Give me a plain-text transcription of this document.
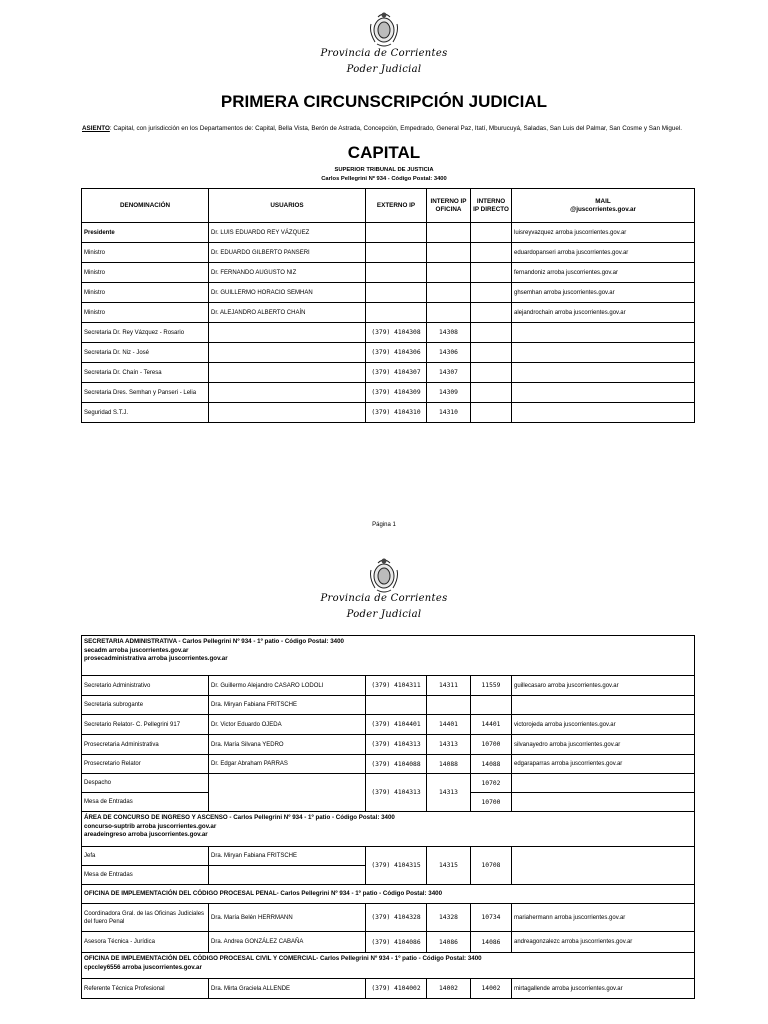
Provincia de Corrientes
Poder Judicial
PRIMERA CIRCUNSCRIPCIÓN JUDICIAL
ASIENTO: Capital, con jurisdicción en los Departamentos de: Capital, Bella Vista, Berón de Astrada, Concepción, Empedrado, General Paz, Itatí, Mburucuyá, Saladas, San Luis del Palmar, San Cosme y San Miguel.
CAPITAL
SUPERIOR TRIBUNAL DE JUSTICIA
Carlos Pellegrini Nº 934 - Código Postal: 3400
DENOMINACIÓN	USUARIOS	EXTERNO IP	INTERNO IP OFICINA	INTERNO IP DIRECTO	MAIL
@juscorrientes.gov.ar
Presidente	Dr. LUIS EDUARDO REY VÁZQUEZ				luisreyvazquez arroba juscorrientes.gov.ar
Ministro	Dr. EDUARDO GILBERTO PANSERI				eduardopanseri arroba juscorrientes.gov.ar
Ministro	Dr. FERNANDO AUGUSTO NIZ				fernandoniz arroba juscorrientes.gov.ar
Ministro	Dr. GUILLERMO HORACIO SEMHAN				ghsemhan arroba juscorrientes.gov.ar
Ministro	Dr. ALEJANDRO ALBERTO CHAÍN				alejandrochain arroba juscorrientes.gov.ar
Secretaria Dr. Rey Vázquez - Rosario		(379) 4104308	14308		
Secretaria Dr. Niz - José		(379) 4104306	14306		
Secretaria Dr. Chaín - Teresa		(379) 4104307	14307		
Secretaria Dres. Semhan y Panseri - Lelia		(379) 4104309	14309		
Seguridad S.T.J.		(379) 4104310	14310		
Página 1
Provincia de Corrientes
Poder Judicial
SECRETARIA ADMINISTRATIVA - Carlos Pellegrini Nº 934 - 1º patio - Código Postal: 3400
secadm arroba juscorrientes.gov.ar
prosecadministrativa arroba juscorrientes.gov.ar					

Secretario Administrativo	Dr. Guillermo Alejandro CASARO LODOLI	(379) 4104311	14311	11559	guillecasaro arroba juscorrientes.gov.ar
Secretaria subrogante	Dra. Miryan Fabiana FRITSCHE				
Secretario Relator- C. Pellegrini 917	Dr. Victor Eduardo OJEDA	(379) 4104401	14401	14401	victorojeda arroba juscorrientes.gov.ar
Prosecretaria Administrativa	Dra. María Silvana YEDRO	(379) 4104313	14313	10700	silvanayedro arroba juscorrientes.gov.ar
Prosecretario Relator	Dr. Edgar Abraham PARRAS	(379) 4104088	14088	14088	edgaraparras arroba juscorrientes.gov.ar
Despacho		(379) 4104313	14313	10702	
Mesa de Entradas				10700	

ÁREA DE CONCURSO DE INGRESO Y ASCENSO - Carlos Pellegrini Nº 934 - 1º patio - Código Postal: 3400
concurso-suptrib arroba juscorrientes.gov.ar
areadeingreso arroba juscorrientes.gov.ar					

Jefa	Dra. Miryan Fabiana FRITSCHE	(379) 4104315	14315	10708	
Mesa de Entradas					

OFICINA DE IMPLEMENTACIÓN DEL CÓDIGO PROCESAL PENAL- Carlos Pellegrini Nº 934 - 1º patio - Código Postal: 3400					

Coordinadora Gral. de las Oficinas Judiciales del fuero Penal	Dra. María Belén HERRMANN	(379) 4104328	14328	10734	mariahermann arroba juscorrientes.gov.ar
Asesora Técnica - Jurídica	Dra. Andrea GONZÁLEZ CABAÑA	(379) 4104086	14086	14086	andreagonzalezc arroba juscorrientes.gov.ar

OFICINA DE IMPLEMENTACIÓN DEL CÓDIGO PROCESAL CIVIL Y COMERCIAL- Carlos Pellegrini Nº 934 - 1º patio - Código Postal: 3400
cpccley6556 arroba juscorrientes.gov.ar					

Referente Técnica Profesional	Dra. Mirta Graciela ALLENDE	(379) 4104002	14002	14002	mirtagallende arroba juscorrientes.gov.ar
